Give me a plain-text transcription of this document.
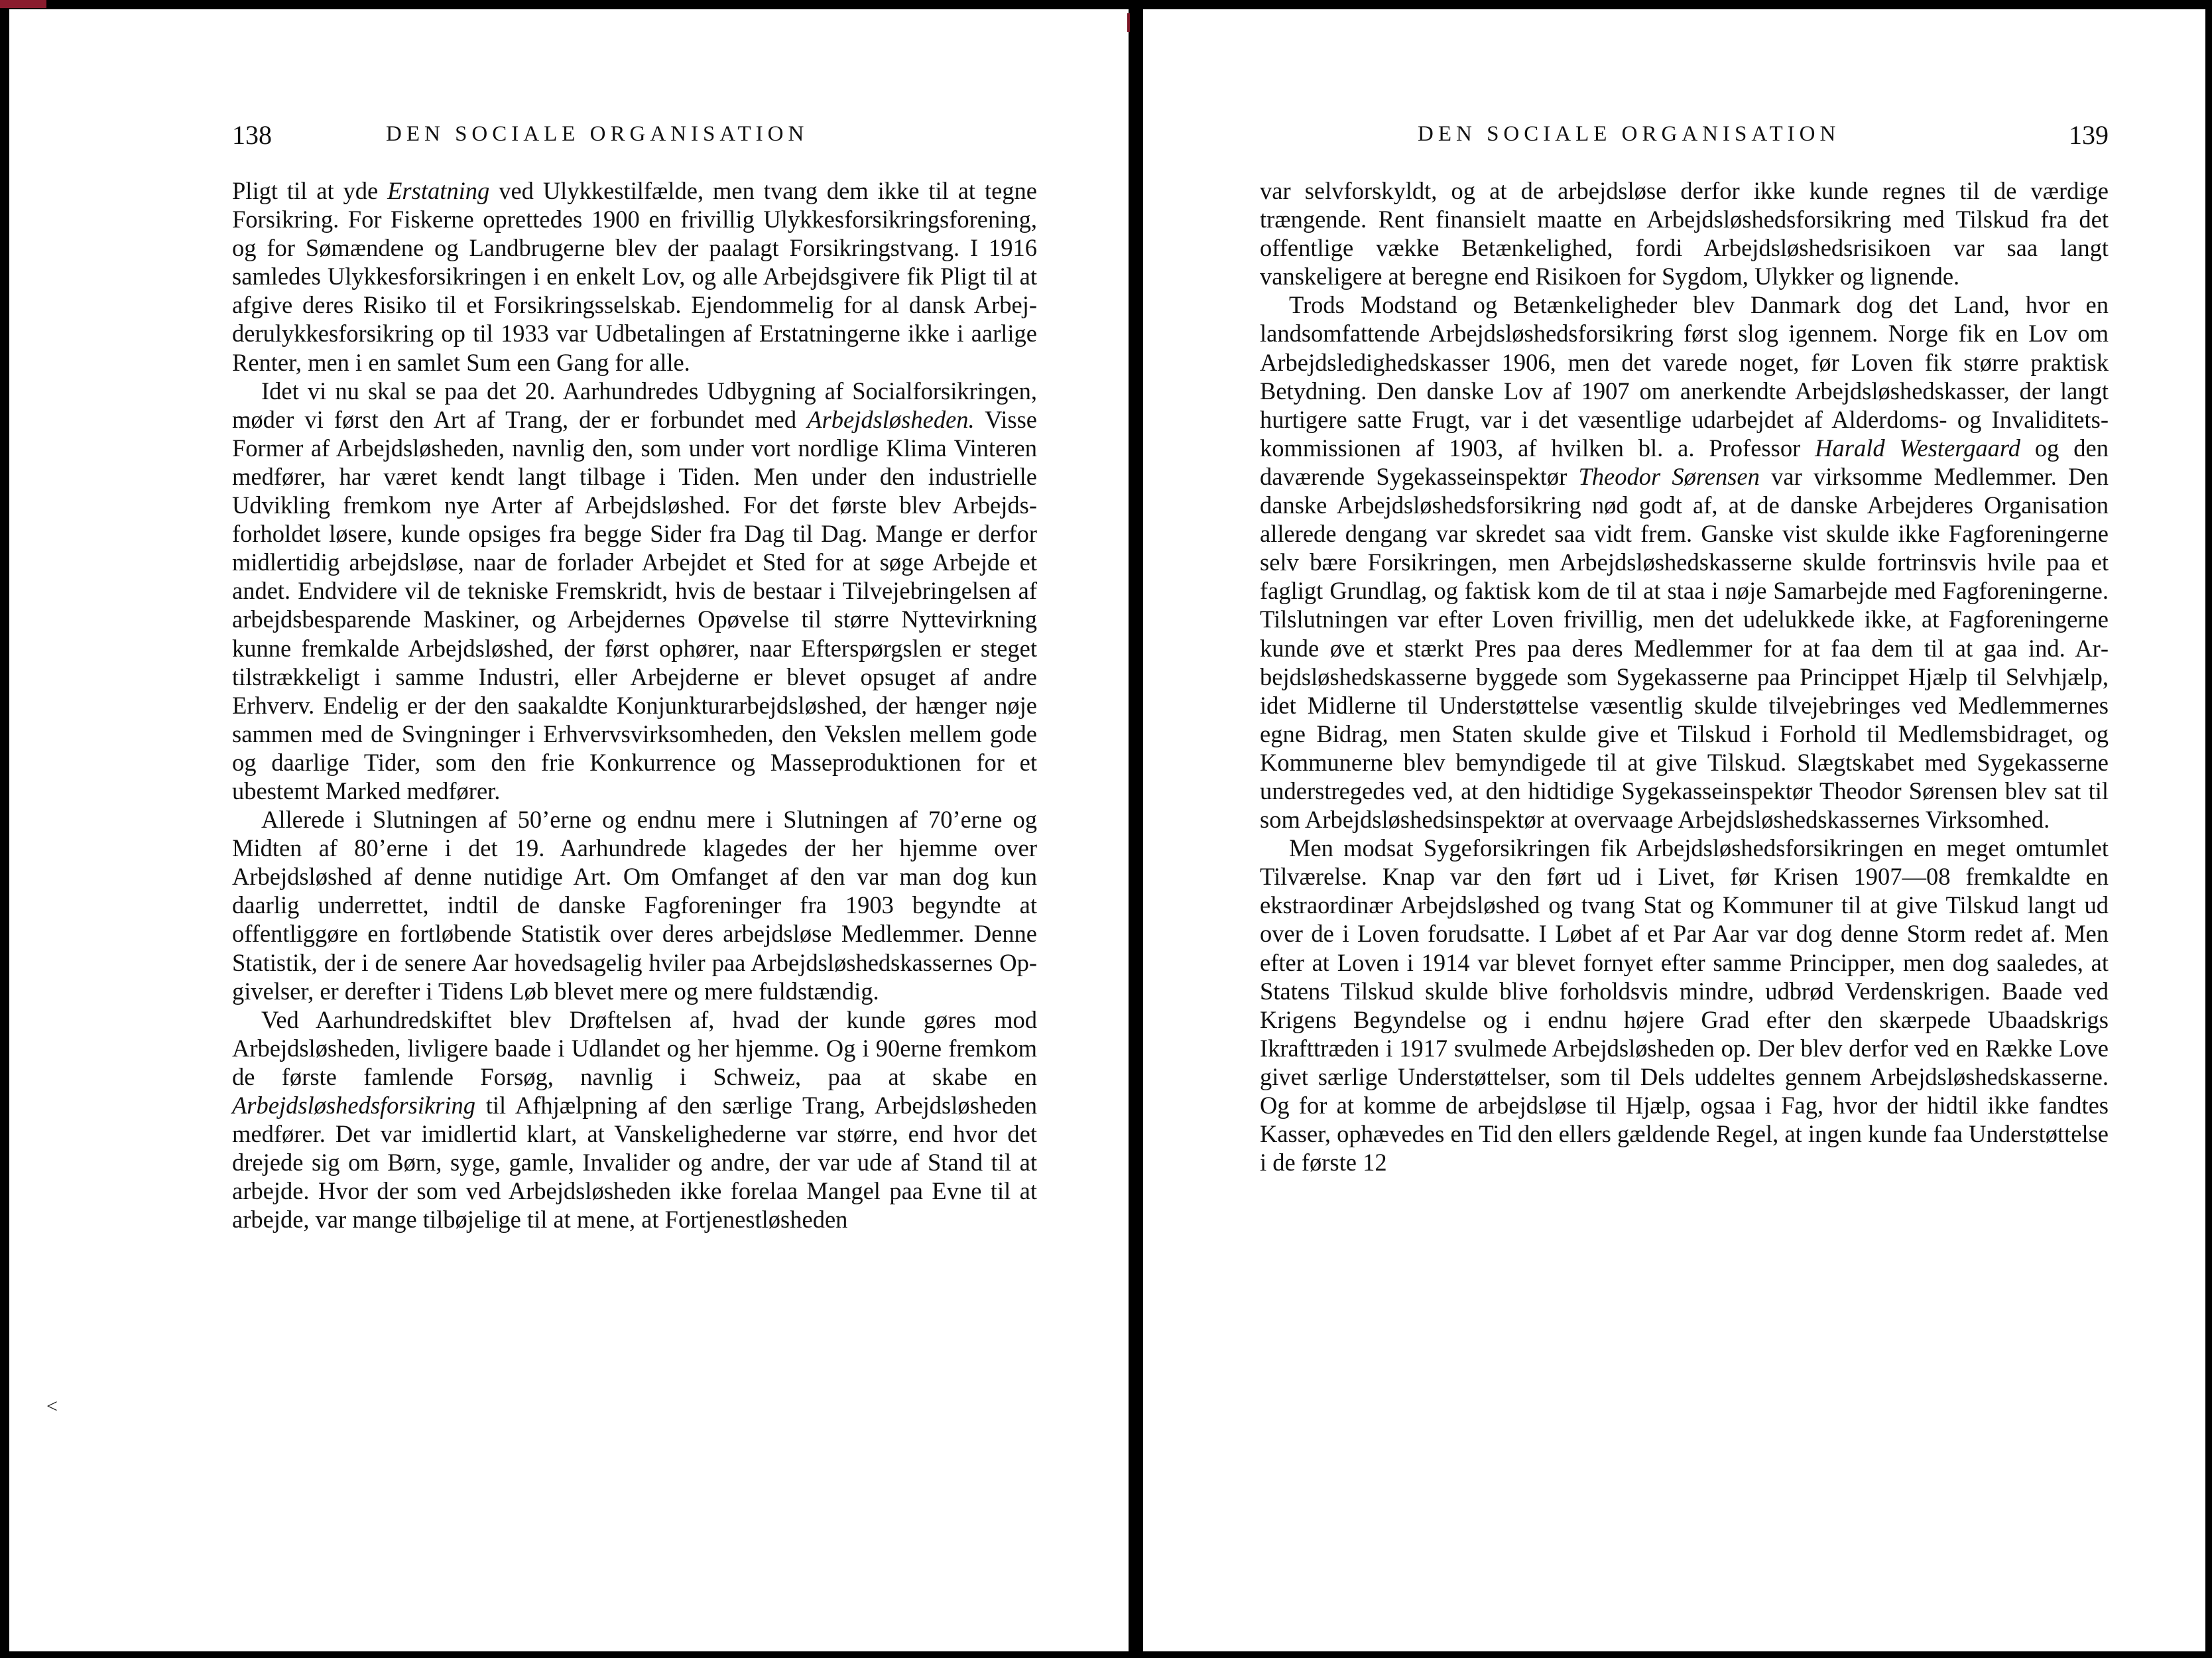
138	DEN SOCIALE ORGANISATION

Pligt til at yde Erstatning ved Ulykkestilfælde, men tvang dem ikke til at tegne Forsikring. For Fiskerne oprettedes 1900 en frivillig Ulykkesforsikringsforening, og for Sømændene og Landbrugerne blev der paalagt Forsikringstvang. I 1916 samledes Ulykkesforsikringen i en enkelt Lov, og alle Arbejdsgivere fik Pligt til at afgive deres Risiko til et Forsikringsselskab. Ejendommelig for al dansk Arbejderulykkesforsikring op til 1933 var Udbetalingen af Erstatningerne ikke i aarlige Renter, men i en samlet Sum een Gang for alle.

Idet vi nu skal se paa det 20. Aarhundredes Udbygning af Socialforsikringen, møder vi først den Art af Trang, der er forbundet med Arbejdsløsheden. Visse Former af Arbejdsløsheden, navnlig den, som under vort nordlige Klima Vinteren medfører, har været kendt langt tilbage i Tiden. Men under den industrielle Udvikling fremkom nye Arter af Arbejdsløshed. For det første blev Arbejdsforholdet løsere, kunde opsiges fra begge Sider fra Dag til Dag. Mange er derfor midlertidig arbejdsløse, naar de forlader Arbejdet et Sted for at søge Arbejde et andet. Endvidere vil de tekniske Fremskridt, hvis de bestaar i Tilvejebringelsen af arbejdsbesparende Maskiner, og Arbejdernes Opøvelse til større Nyttevirkning kunne fremkalde Arbejdsløshed, der først ophører, naar Efterspørgslen er steget tilstrækkeligt i samme Industri, eller Arbejderne er blevet opsuget af andre Erhverv. Endelig er der den saakaldte Konjunkturarbejdsløshed, der hænger nøje sammen med de Svingninger i Erhvervsvirksomheden, den Vekslen mellem gode og daarlige Tider, som den frie Konkurrence og Masseproduktionen for et ubestemt Marked medfører.

Allerede i Slutningen af 50’erne og endnu mere i Slutningen af 70’erne og Midten af 80’erne i det 19. Aarhundrede klagedes der her hjemme over Arbejdsløshed af denne nutidige Art. Om Omfanget af den var man dog kun daarlig underrettet, indtil de danske Fagforeninger fra 1903 begyndte at offentliggøre en fortløbende Statistik over deres arbejdsløse Medlemmer. Denne Statistik, der i de senere Aar hovedsagelig hviler paa Arbejdsløshedskassernes Opgivelser, er derefter i Tidens Løb blevet mere og mere fuldstændig.

Ved Aarhundredskiftet blev Drøftelsen af, hvad der kunde gøres mod Arbejdsløsheden, livligere baade i Udlandet og her hjemme. Og i 90erne fremkom de første famlende Forsøg, navnlig i Schweiz, paa at skabe en Arbejdsløshedsforsikring til Afhjælpning af den særlige Trang, Arbejdsløsheden medfører. Det var imidlertid klart, at Vanskelighederne var større, end hvor det drejede sig om Børn, syge, gamle, Invalider og andre, der var ude af Stand til at arbejde. Hvor der som ved Arbejdsløsheden ikke forelaa Mangel paa Evne til at arbejde, var mange tilbøjelige til at mene, at Fortjenestløsheden

<
DEN SOCIALE ORGANISATION	139

var selvforskyldt, og at de arbejdsløse derfor ikke kunde regnes til de værdige trængende. Rent finansielt maatte en Arbejdsløshedsforsikring med Tilskud fra det offentlige vække Betænkelighed, fordi Arbejdsløshedsrisikoen var saa langt vanskeligere at beregne end Risikoen for Sygdom, Ulykker og lignende.

Trods Modstand og Betænkeligheder blev Danmark dog det Land, hvor en landsomfattende Arbejdsløshedsforsikring først slog igennem. Norge fik en Lov om Arbejdsledighedskasser 1906, men det varede noget, før Loven fik større praktisk Betydning. Den danske Lov af 1907 om anerkendte Arbejdsløshedskasser, der langt hurtigere satte Frugt, var i det væsentlige udarbejdet af Alderdoms- og Invaliditetskommissionen af 1903, af hvilken bl. a. Professor Harald Westergaard og den daværende Sygekasseinspektør Theodor Sørensen var virksomme Medlemmer. Den danske Arbejdsløshedsforsikring nød godt af, at de danske Arbejderes Organisation allerede dengang var skredet saa vidt frem. Ganske vist skulde ikke Fagforeningerne selv bære Forsikringen, men Arbejdsløshedskasserne skulde fortrinsvis hvile paa et fagligt Grundlag, og faktisk kom de til at staa i nøje Samarbejde med Fagforeningerne. Tilslutningen var efter Loven frivillig, men det udelukkede ikke, at Fagforeningerne kunde øve et stærkt Pres paa deres Medlemmer for at faa dem til at gaa ind. Arbejdsløshedskasserne byggede som Sygekasserne paa Princippet Hjælp til Selvhjælp, idet Midlerne til Understøttelse væsentlig skulde tilvejebringes ved Medlemmernes egne Bidrag, men Staten skulde give et Tilskud i Forhold til Medlemsbidraget, og Kommunerne blev bemyndigede til at give Tilskud. Slægtskabet med Sygekasserne understregedes ved, at den hidtidige Sygekasseinspektør Theodor Sørensen blev sat til som Arbejdsløshedsinspektør at overvaage Arbejdsløshedskassernes Virksomhed.

Men modsat Sygeforsikringen fik Arbejdsløshedsforsikringen en meget omtumlet Tilværelse. Knap var den ført ud i Livet, før Krisen 1907—08 fremkaldte en ekstraordinær Arbejdsløshed og tvang Stat og Kommuner til at give Tilskud langt ud over de i Loven forudsatte. I Løbet af et Par Aar var dog denne Storm redet af. Men efter at Loven i 1914 var blevet fornyet efter samme Principper, men dog saaledes, at Statens Tilskud skulde blive forholdsvis mindre, udbrød Verdenskrigen. Baade ved Krigens Begyndelse og i endnu højere Grad efter den skærpede Ubaadskrigs Ikrafttræden i 1917 svulmede Arbejdsløsheden op. Der blev derfor ved en Række Love givet særlige Understøttelser, som til Dels uddeltes gennem Arbejdsløshedskasserne. Og for at komme de arbejdsløse til Hjælp, ogsaa i Fag, hvor der hidtil ikke fandtes Kasser, ophævedes en Tid den ellers gældende Regel, at ingen kunde faa Understøttelse i de første 12
